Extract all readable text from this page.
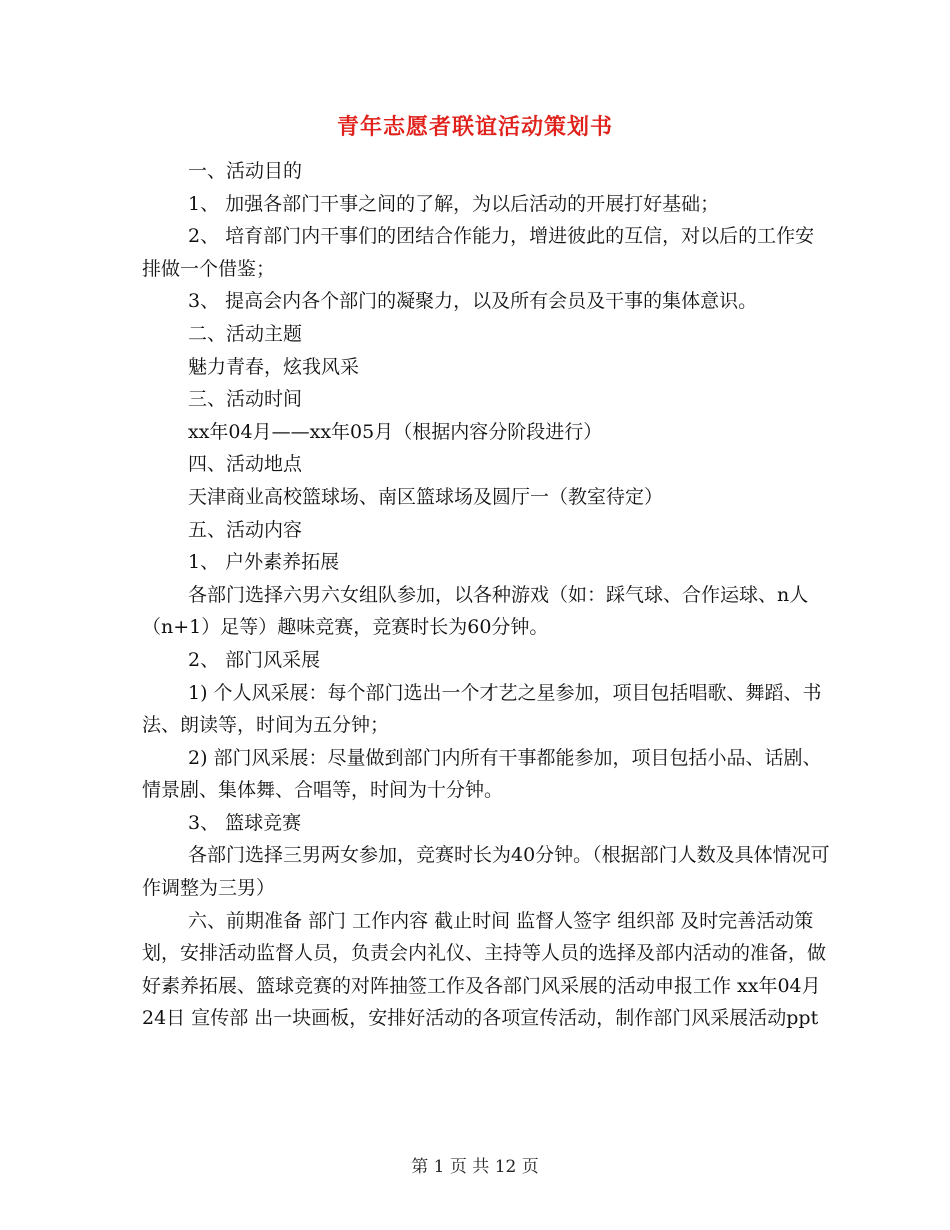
青年志愿者联谊活动策划书

一、活动目的

1、 加强各部门干事之间的了解，为以后活动的开展打好基础；

2、 培育部门内干事们的团结合作能力，增进彼此的互信，对以后的工作安排做一个借鉴；

3、 提高会内各个部门的凝聚力，以及所有会员及干事的集体意识。

二、活动主题

魅力青春，炫我风采

三、活动时间

xx年04月——xx年05月（根据内容分阶段进行）

四、活动地点

天津商业高校篮球场、南区篮球场及圆厅一（教室待定）

五、活动内容

1、 户外素养拓展

各部门选择六男六女组队参加，以各种游戏（如：踩气球、合作运球、n人（n+1）足等）趣味竞赛，竞赛时长为60分钟。

2、 部门风采展

1) 个人风采展：每个部门选出一个才艺之星参加，项目包括唱歌、舞蹈、书法、朗读等，时间为五分钟；

2) 部门风采展：尽量做到部门内所有干事都能参加，项目包括小品、话剧、情景剧、集体舞、合唱等，时间为十分钟。

3、 篮球竞赛

各部门选择三男两女参加，竞赛时长为40分钟。（根据部门人数及具体情况可作调整为三男）

六、前期准备 部门 工作内容 截止时间 监督人签字 组织部 及时完善活动策划，安排活动监督人员，负责会内礼仪、主持等人员的选择及部内活动的准备，做好素养拓展、篮球竞赛的对阵抽签工作及各部门风采展的活动申报工作 xx年04月24日 宣传部 出一块画板，安排好活动的各项宣传活动，制作部门风采展活动ppt

第 1 页 共 12 页
